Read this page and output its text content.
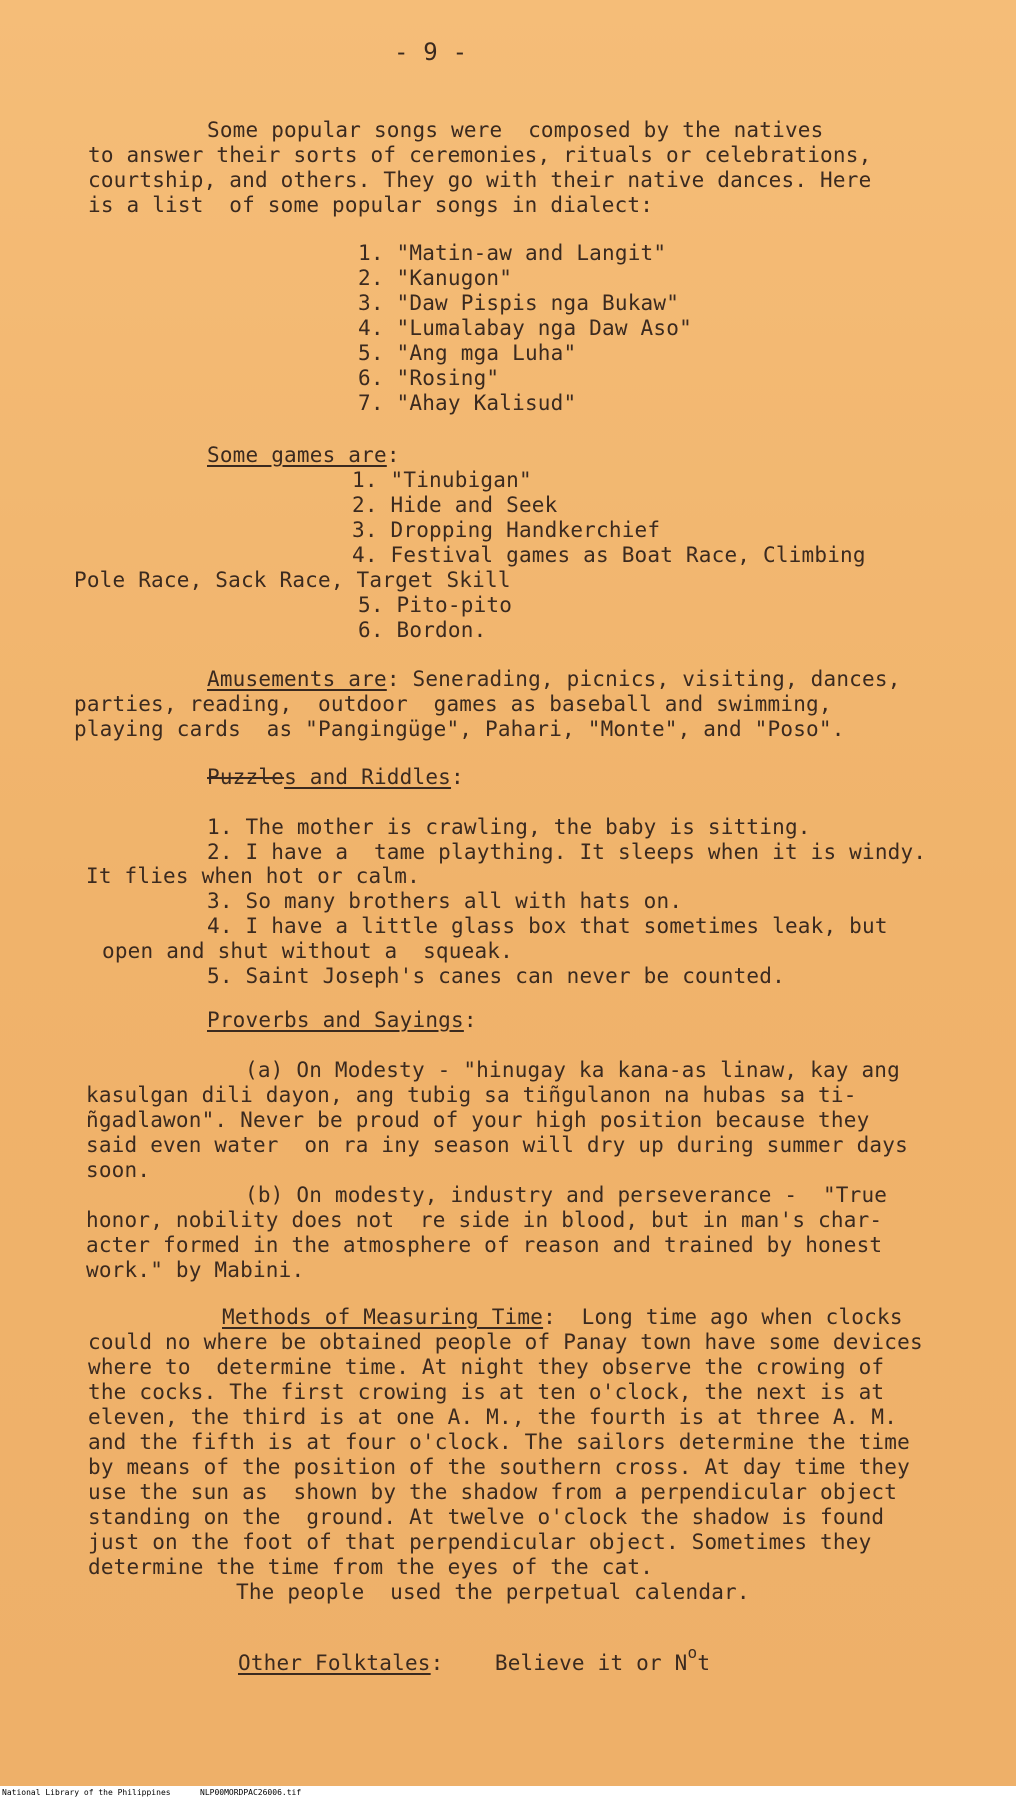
- 9 -
Some popular songs were  composed by the natives
to answer their sorts of ceremonies, rituals or celebrations,
courtship, and others. They go with their native dances. Here
is a list  of some popular songs in dialect:
1. "Matin-aw and Langit"
2. "Kanugon"
3. "Daw Pispis nga Bukaw"
4. "Lumalabay nga Daw Aso"
5. "Ang mga Luha"
6. "Rosing"
7. "Ahay Kalisud"
Some games are:
1. "Tinubigan"
2. Hide and Seek
3. Dropping Handkerchief
4. Festival games as Boat Race, Climbing
Pole Race, Sack Race, Target Skill
5. Pito-pito
6. Bordon.
Amusements are: Senerading, picnics, visiting, dances,
parties, reading,  outdoor  games as baseball and swimming,
playing cards  as "Pangingüge", Pahari, "Monte", and "Poso".
Puzzles and Riddles:
1. The mother is crawling, the baby is sitting.
2. I have a  tame plaything. It sleeps when it is windy.
It flies when hot or calm.
3. So many brothers all with hats on.
4. I have a little glass box that sometimes leak, but
open and shut without a  squeak.
5. Saint Joseph's canes can never be counted.
Proverbs and Sayings:
(a) On Modesty - "hinugay ka kana-as linaw, kay ang
kasulgan dili dayon, ang tubig sa tiñgulanon na hubas sa ti-
ñgadlawon". Never be proud of your high position because they
said even water  on ra iny season will dry up during summer days
soon.
(b) On modesty, industry and perseverance -  "True
honor, nobility does not  re side in blood, but in man's char-
acter formed in the atmosphere of reason and trained by honest
work." by Mabini.
Methods of Measuring Time:  Long time ago when clocks
could no where be obtained people of Panay town have some devices
where to  determine time. At night they observe the crowing of
the cocks. The first crowing is at ten o'clock, the next is at
eleven, the third is at one A. M., the fourth is at three A. M.
and the fifth is at four o'clock. The sailors determine the time
by means of the position of the southern cross. At day time they
use the sun as  shown by the shadow from a perpendicular object
standing on the  ground. At twelve o'clock the shadow is found
just on the foot of that perpendicular object. Sometimes they
determine the time from the eyes of the cat.
The people  used the perpetual calendar.
Other Folktales:    Believe it or $N^ot$
National Library of the Philippines	NLP00MORDPAC26006.tif
